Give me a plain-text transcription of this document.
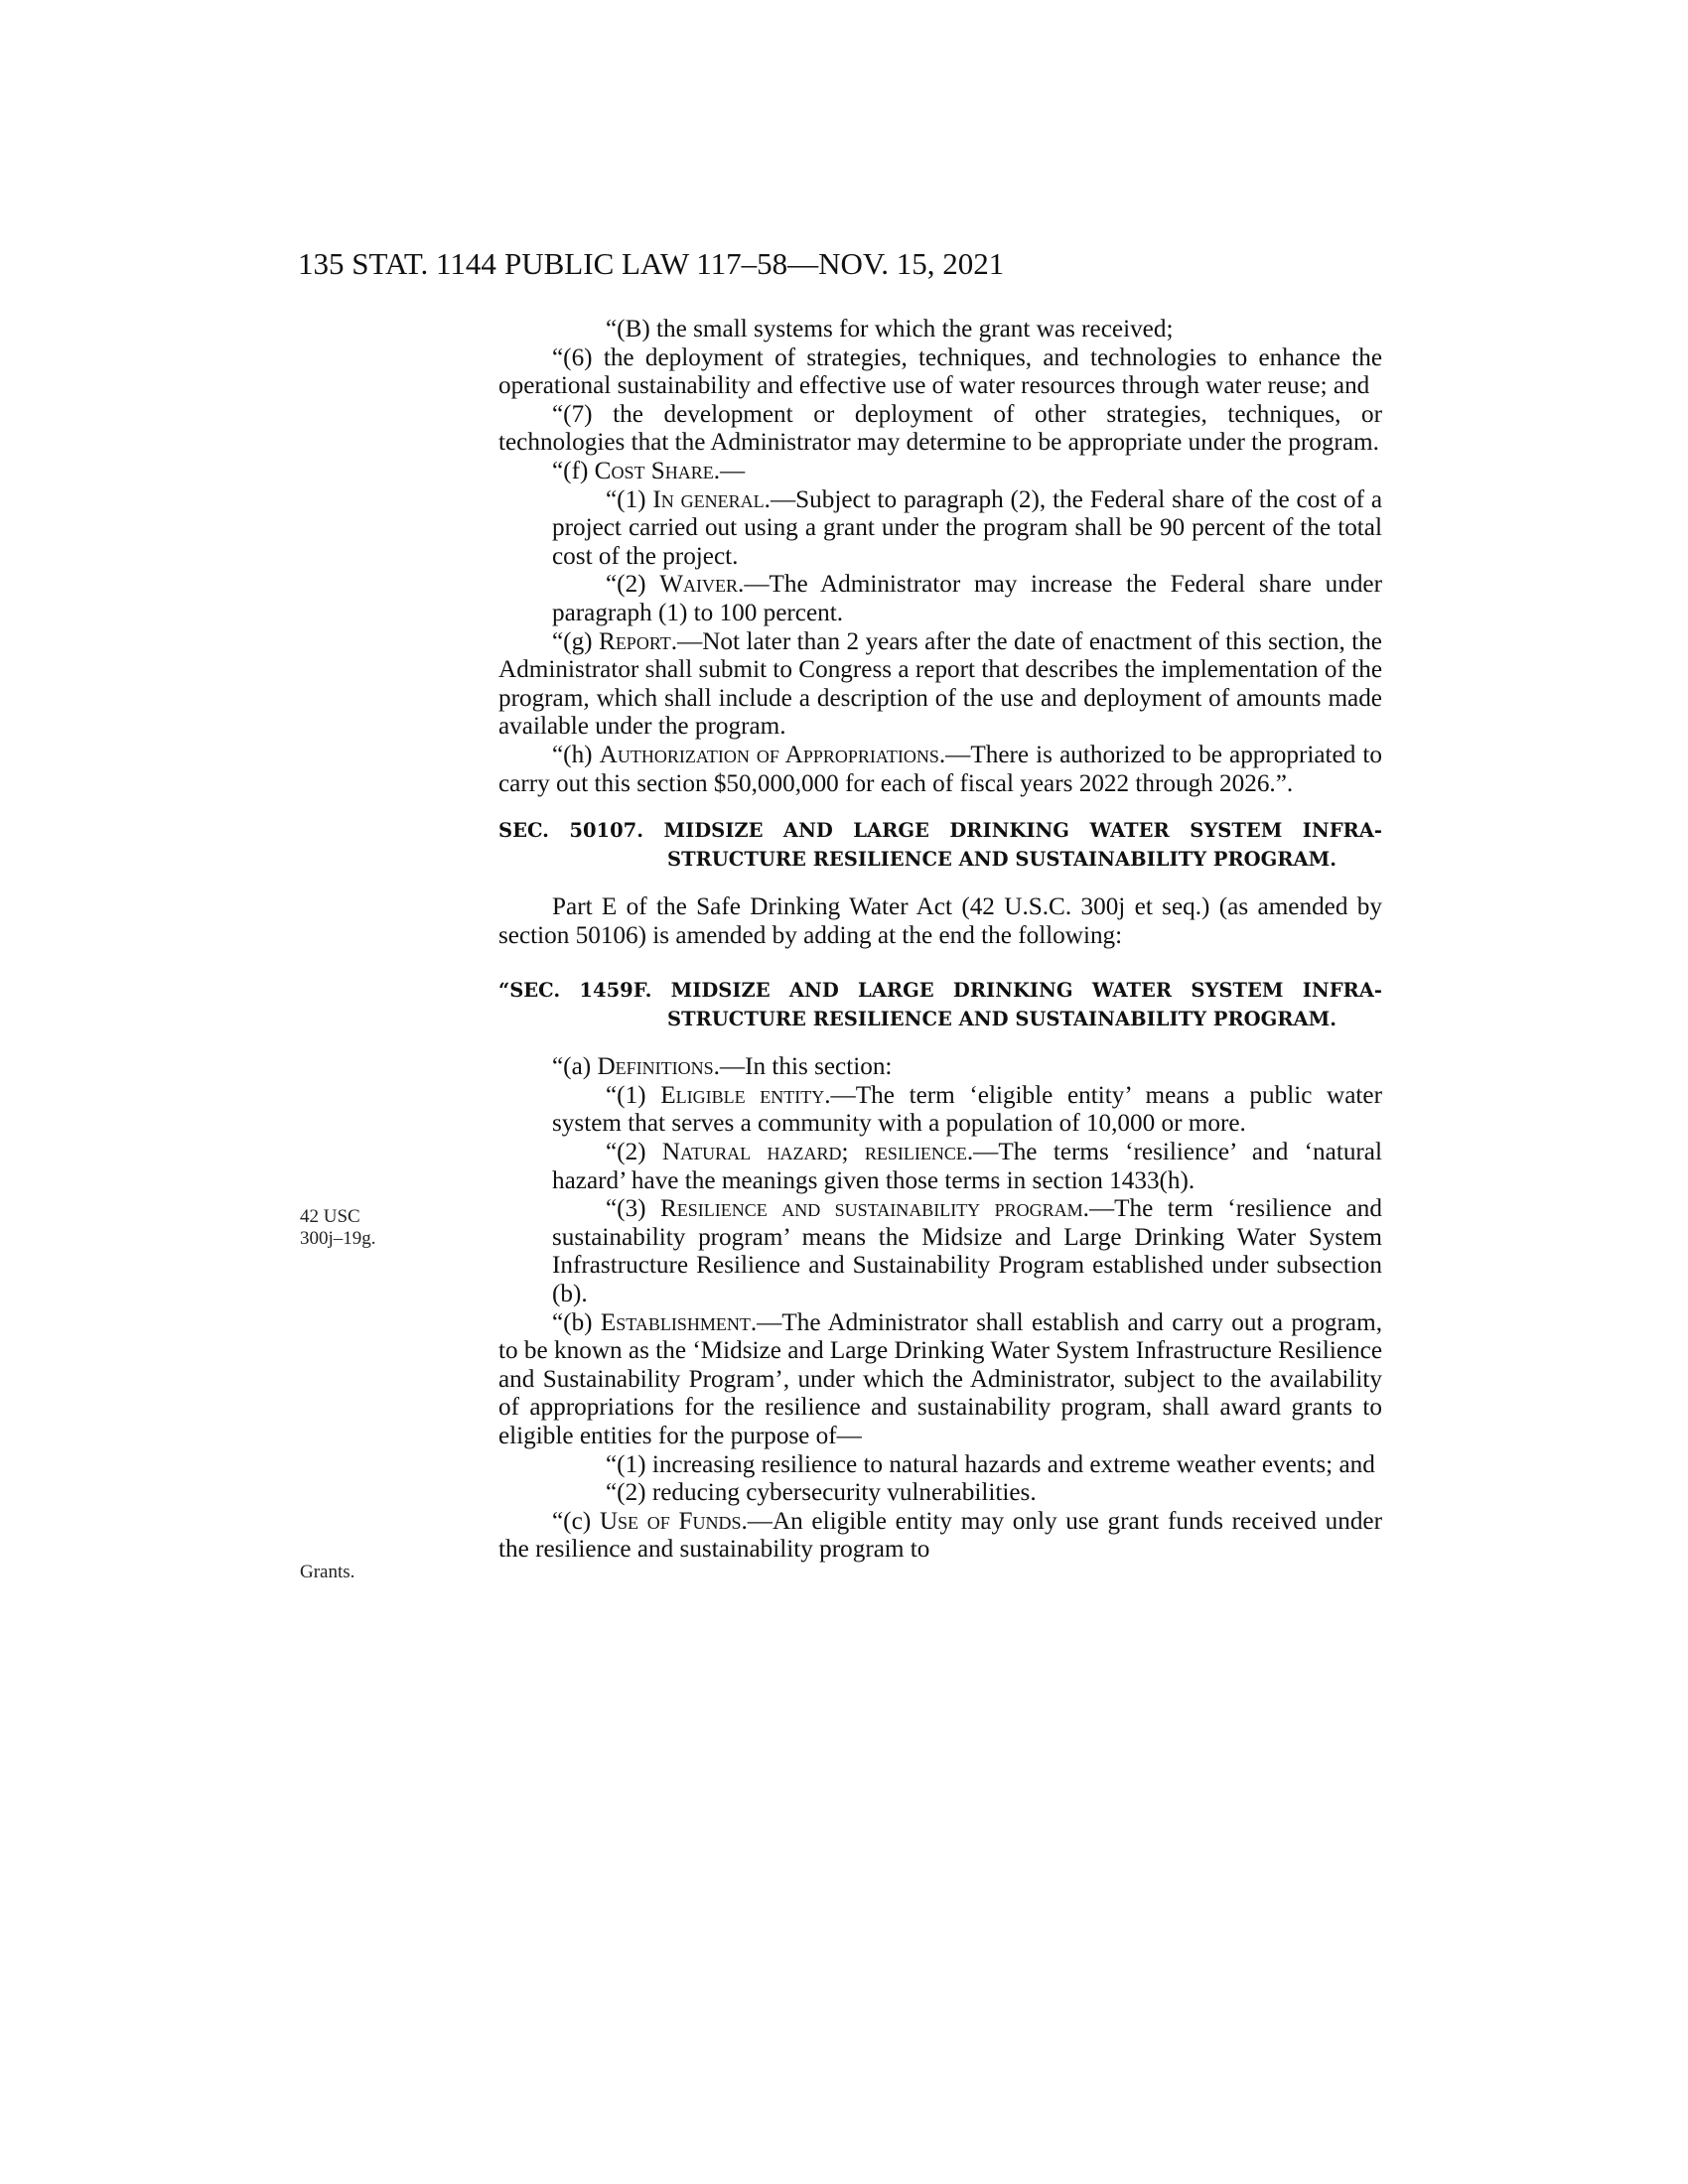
135 STAT. 1144 PUBLIC LAW 117–58—NOV. 15, 2021
42 USC
300j–19g.
Grants.

“(B) the small systems for which the grant was received;

“(6) the deployment of strategies, techniques, and technologies to enhance the operational sustainability and effective use of water resources through water reuse; and

“(7) the development or deployment of other strategies, techniques, or technologies that the Administrator may determine to be appropriate under the program.

“(f) Cost Share.—

“(1) In general.—Subject to paragraph (2), the Federal share of the cost of a project carried out using a grant under the program shall be 90 percent of the total cost of the project.

“(2) Waiver.—The Administrator may increase the Federal share under paragraph (1) to 100 percent.

“(g) Report.—Not later than 2 years after the date of enactment of this section, the Administrator shall submit to Congress a report that describes the implementation of the program, which shall include a description of the use and deployment of amounts made available under the program.

“(h) Authorization of Appropriations.—There is authorized to be appropriated to carry out this section $50,000,000 for each of fiscal years 2022 through 2026.”.

SEC. 50107. MIDSIZE AND LARGE DRINKING WATER SYSTEM INFRASTRUCTURE RESILIENCE AND SUSTAINABILITY PROGRAM.

Part E of the Safe Drinking Water Act (42 U.S.C. 300j et seq.) (as amended by section 50106) is amended by adding at the end the following:

“SEC. 1459F. MIDSIZE AND LARGE DRINKING WATER SYSTEM INFRASTRUCTURE RESILIENCE AND SUSTAINABILITY PROGRAM.

“(a) Definitions.—In this section:

“(1) Eligible entity.—The term ‘eligible entity’ means a public water system that serves a community with a population of 10,000 or more.

“(2) Natural hazard; resilience.—The terms ‘resilience’ and ‘natural hazard’ have the meanings given those terms in section 1433(h).

“(3) Resilience and sustainability program.—The term ‘resilience and sustainability program’ means the Midsize and Large Drinking Water System Infrastructure Resilience and Sustainability Program established under subsection (b).

“(b) Establishment.—The Administrator shall establish and carry out a program, to be known as the ‘Midsize and Large Drinking Water System Infrastructure Resilience and Sustainability Program’, under which the Administrator, subject to the availability of appropriations for the resilience and sustainability program, shall award grants to eligible entities for the purpose of—

“(1) increasing resilience to natural hazards and extreme weather events; and

“(2) reducing cybersecurity vulnerabilities.

“(c) Use of Funds.—An eligible entity may only use grant funds received under the resilience and sustainability program to
